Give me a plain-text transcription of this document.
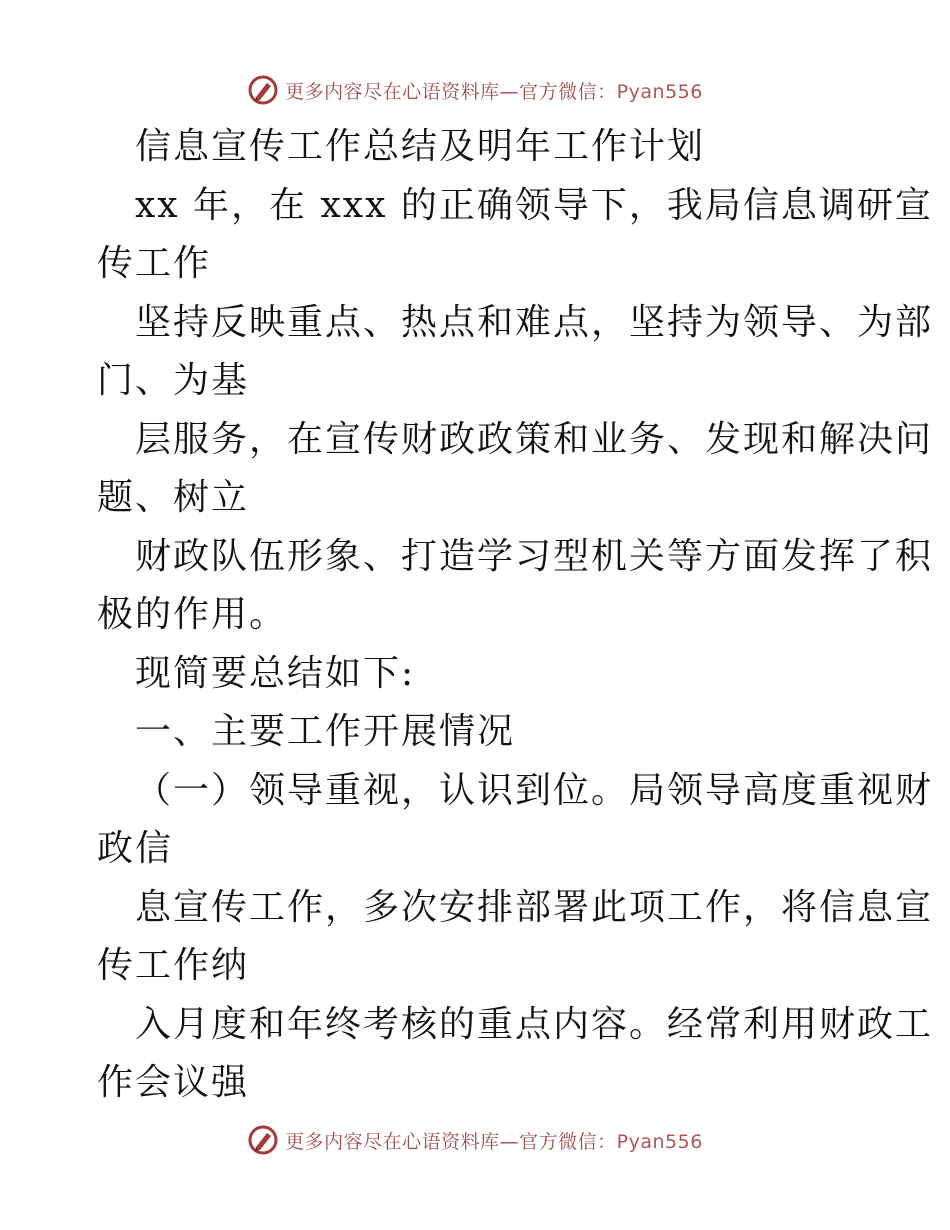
更多内容尽在心语资料库—官方微信：Pyan556
信息宣传工作总结及明年工作计划
xx 年，在 xxx 的正确领导下，我局信息调研宣
传工作
坚持反映重点、热点和难点，坚持为领导、为部
门、为基
层服务，在宣传财政政策和业务、发现和解决问
题、树立
财政队伍形象、打造学习型机关等方面发挥了积
极的作用。
现简要总结如下:
一、主要工作开展情况
（一）领导重视，认识到位。局领导高度重视财
政信
息宣传工作，多次安排部署此项工作，将信息宣
传工作纳
入月度和年终考核的重点内容。经常利用财政工
作会议强
更多内容尽在心语资料库—官方微信：Pyan556
